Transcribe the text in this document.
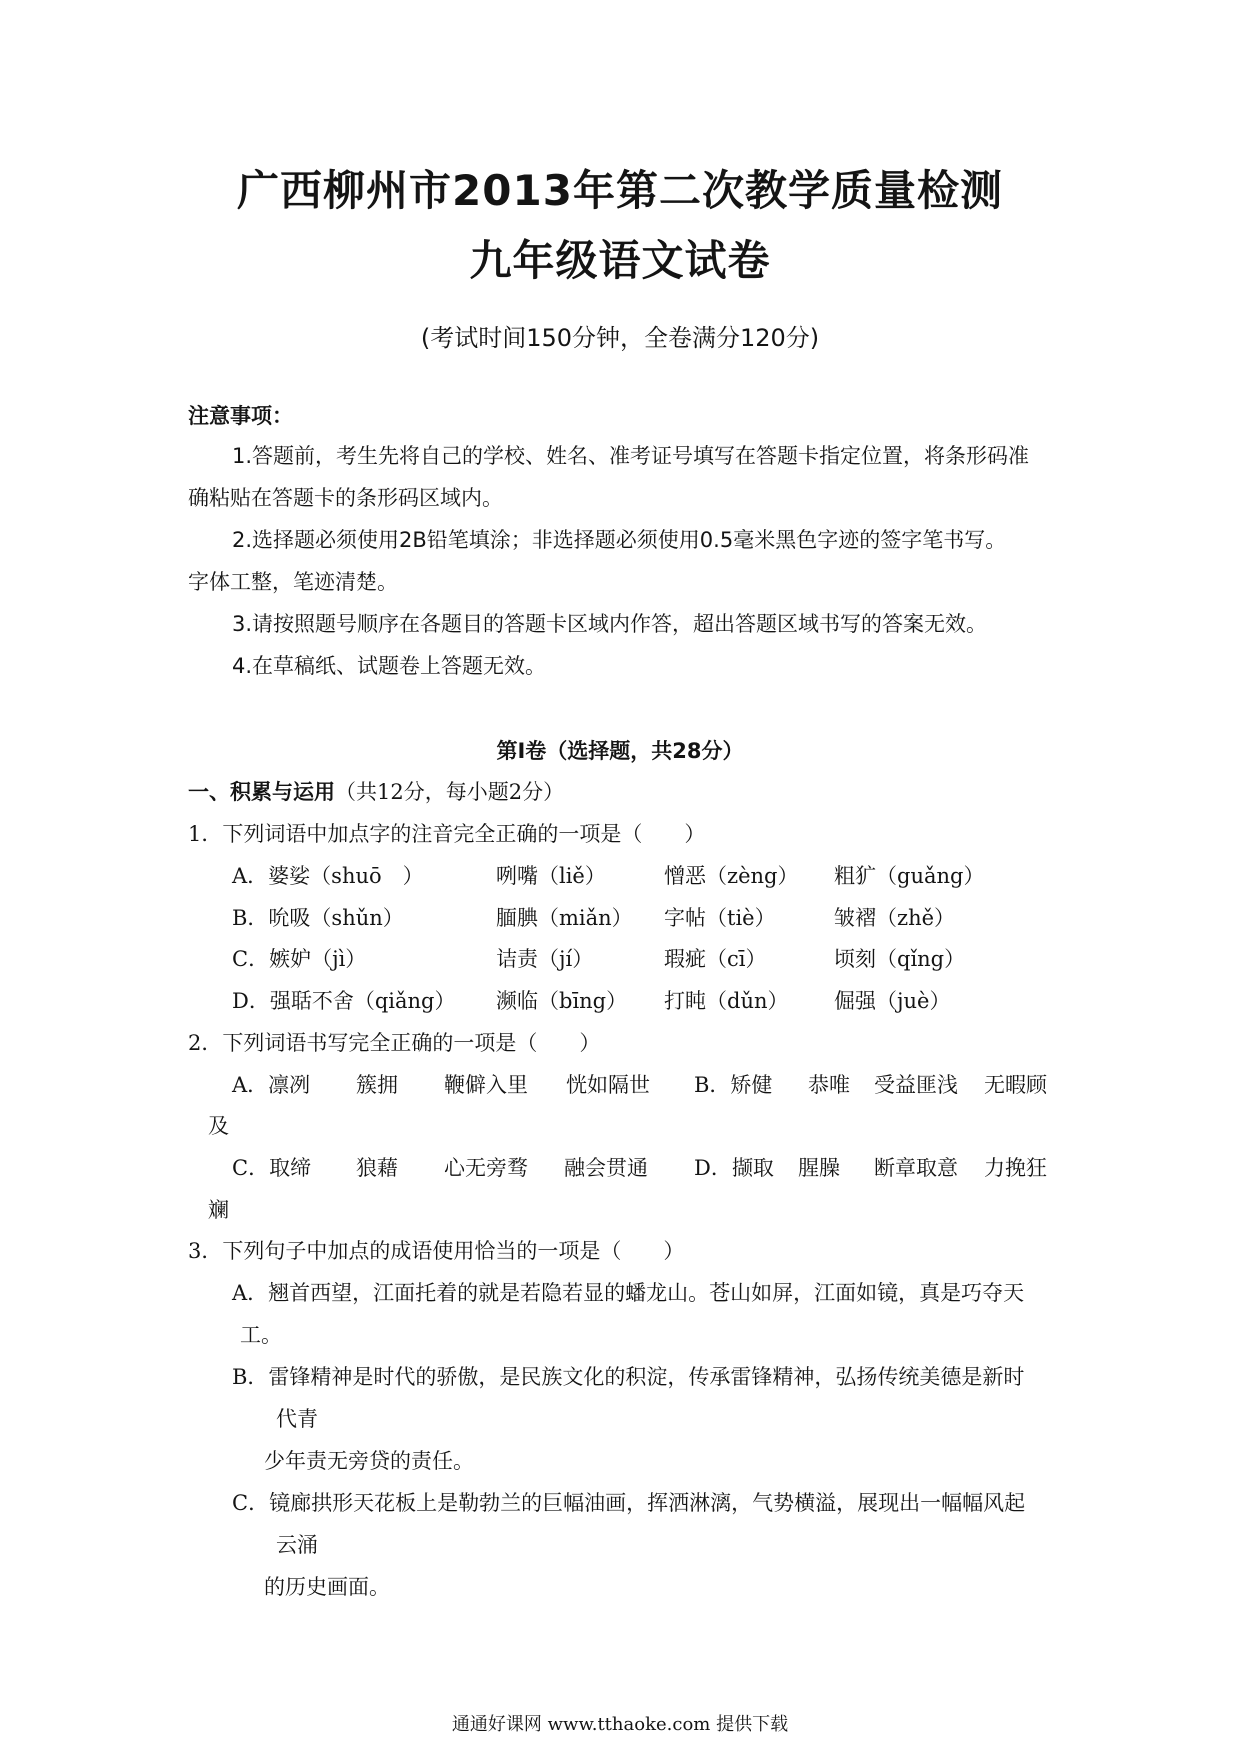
广西柳州市2013年第二次教学质量检测
九年级语文试卷
(考试时间150分钟，全卷满分120分)
注意事项：
1.答题前，考生先将自己的学校、姓名、准考证号填写在答题卡指定位置，将条形码准
确粘贴在答题卡的条形码区域内。
2.选择题必须使用2B铅笔填涂；非选择题必须使用0.5毫米黑色字迹的签字笔书写。
字体工整，笔迹清楚。
3.请按照题号顺序在各题目的答题卡区域内作答，超出答题区域书写的答案无效。
4.在草稿纸、试题卷上答题无效。
第Ⅰ卷（选择题，共28分）
一、积累与运用（共12分，每小题2分）
1．下列词语中加点字的注音完全正确的一项是（　　）
A．婆娑（shuō　）	咧嘴（liě）	憎恶（zèng） 粗犷（guǎng）
B．吮吸（shǔn）	腼腆（miǎn） 字帖（tiè）	皱褶（zhě）
C．嫉妒（jì）	诘责（jí）	瑕疵（cī）	顷刻（qǐng）
D．强聒不舍（qiǎng） 濒临（bīng） 打盹（dǔn） 倔强（juè）
2．下列词语书写完全正确的一项是（　　）
A．凛冽 簇拥 鞭僻入里 恍如隔世 B．矫健 恭唯 受益匪浅 无暇顾
及
C．取缔 狼藉 心无旁骛 融会贯通 D．撷取 腥臊 断章取意 力挽狂
斓
3．下列句子中加点的成语使用恰当的一项是（　　）
A．翘首西望，江面托着的就是若隐若显的蟠龙山。苍山如屏，江面如镜，真是巧夺天
工。
B．雷锋精神是时代的骄傲，是民族文化的积淀，传承雷锋精神，弘扬传统美德是新时
代青
少年责无旁贷的责任。
C．镜廊拱形天花板上是勒勃兰的巨幅油画，挥洒淋漓，气势横溢，展现出一幅幅风起
云涌
的历史画面。
通通好课网 www.tthaoke.com 提供下载
